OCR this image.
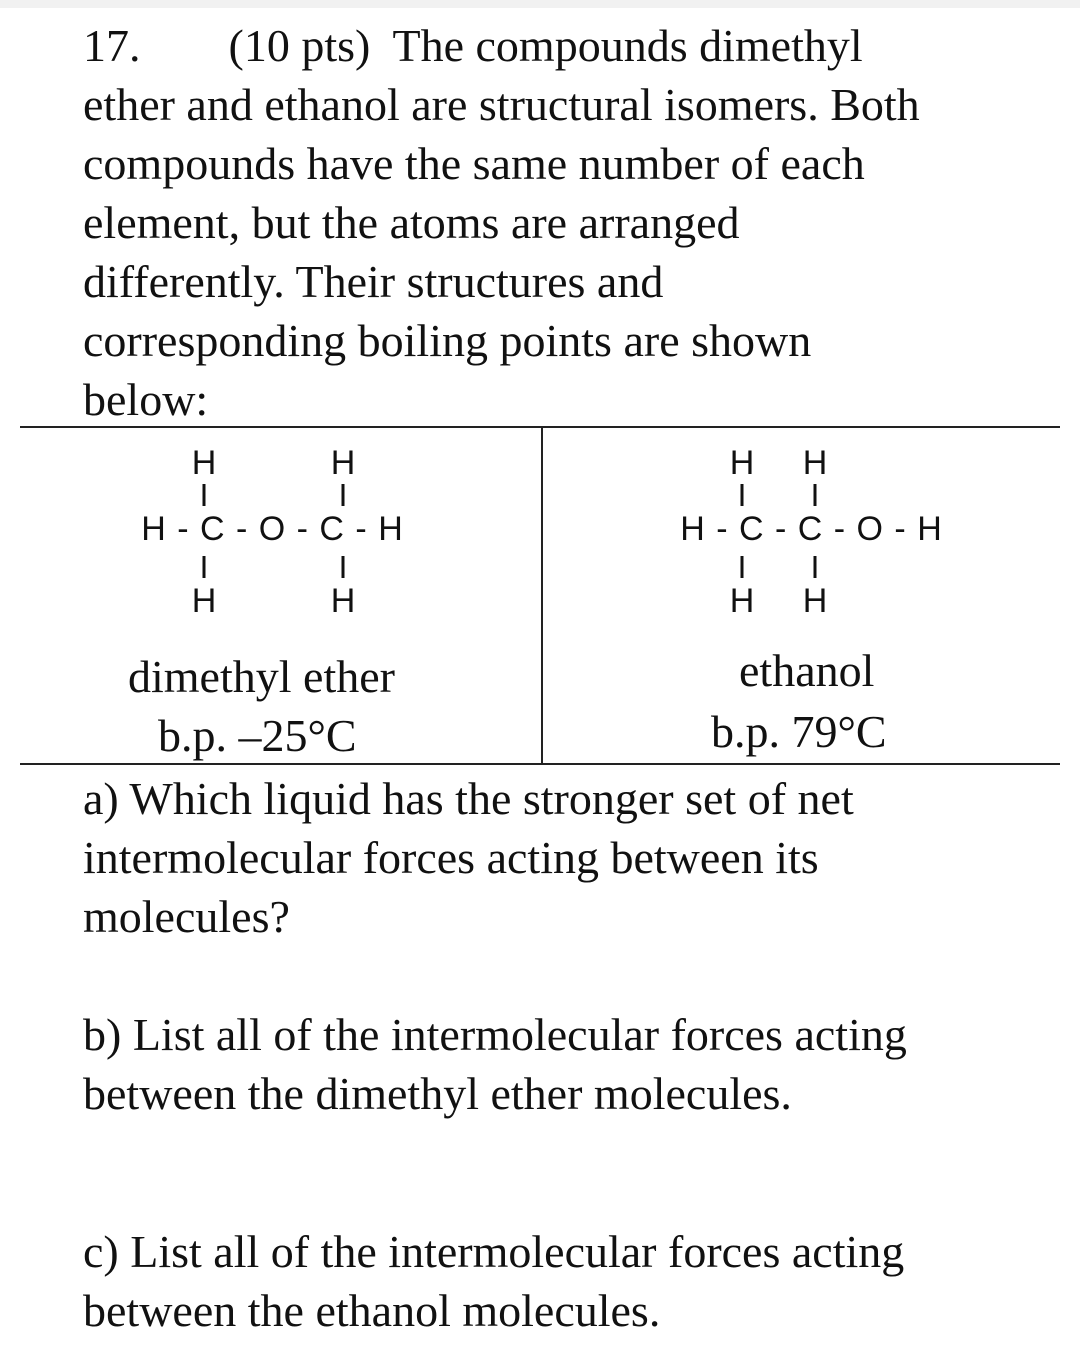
17. (10 pts) The compounds dimethyl
ether and ethanol are structural isomers. Both
compounds have the same number of each
element, but the atoms are arranged
differently. Their structures and
corresponding boiling points are shown
below:
H	H
H - C - O - C - H
H	H
dimethyl ether
b.p. –25°C
H H
H - C - C - O - H
H H
ethanol
b.p. 79°C
a) Which liquid has the stronger set of net
intermolecular forces acting between its
molecules?
b) List all of the intermolecular forces acting
between the dimethyl ether molecules.
c) List all of the intermolecular forces acting
between the ethanol molecules.
